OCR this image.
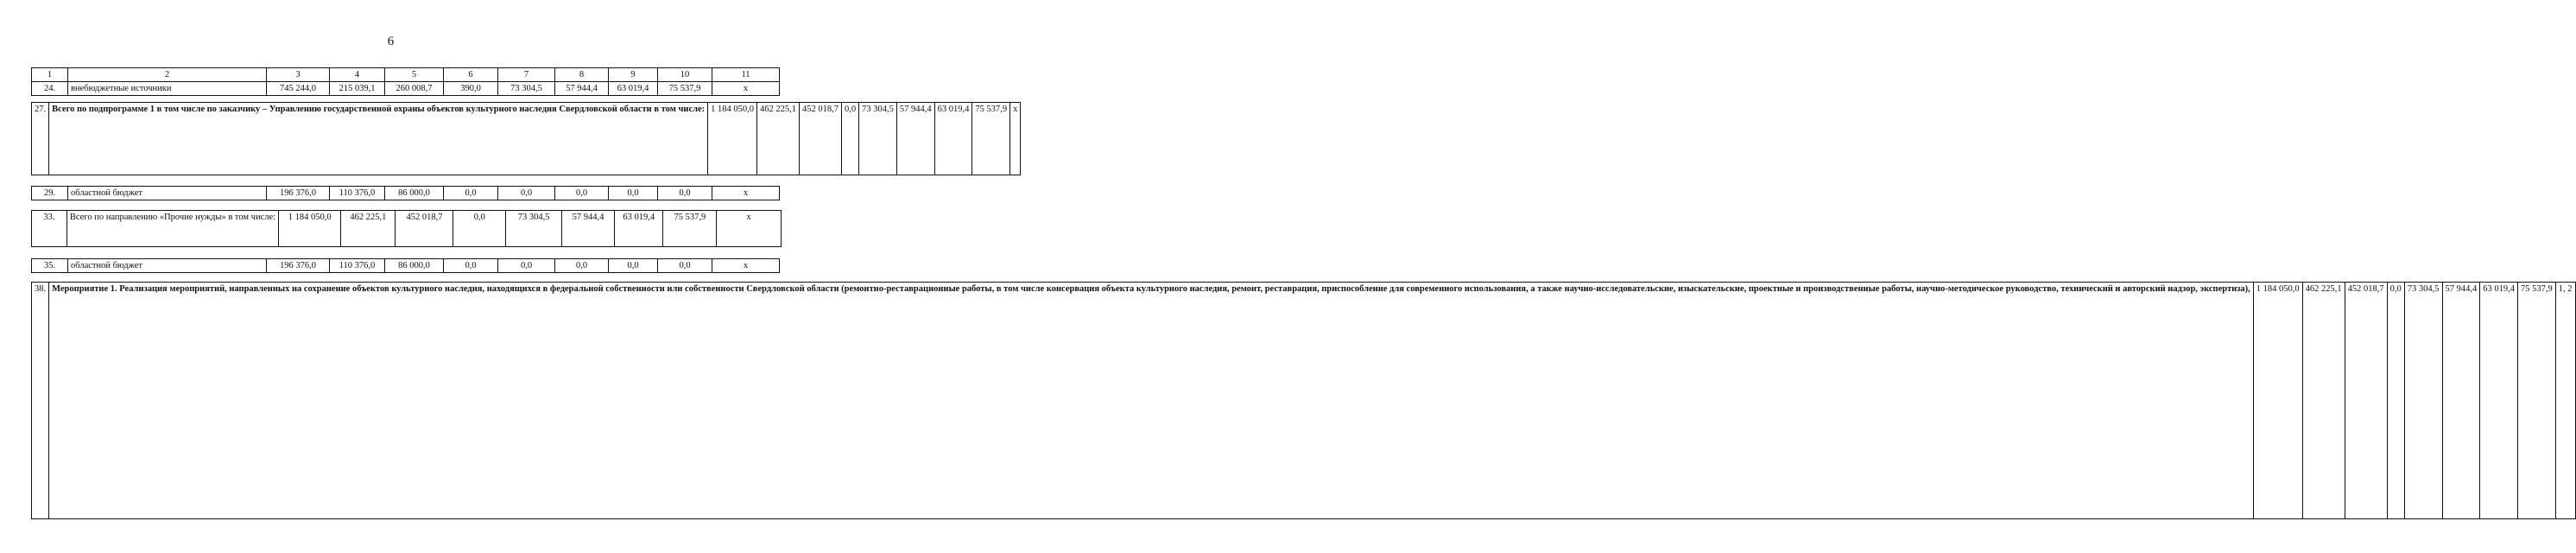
6
1	2	3	4	5	6	7	8	9	10	11
24.	внебюджетные источники	745 244,0	215 039,1	260 008,7	390,0	73 304,5	57 944,4	63 019,4	75 537,9	х
27.	Всего по подпрограмме 1 в том числе по заказчику – Управлению государственной охраны объектов культурного наследия Свердловской области в том числе:	1 184 050,0	462 225,1	452 018,7	0,0	73 304,5	57 944,4	63 019,4	75 537,9	х
29.	областной бюджет	196 376,0	110 376,0	86 000,0	0,0	0,0	0,0	0,0	0,0	х
33.	Всего по направлению «Прочие нужды» в том числе:	1 184 050,0	462 225,1	452 018,7	0,0	73 304,5	57 944,4	63 019,4	75 537,9	х
35.	областной бюджет	196 376,0	110 376,0	86 000,0	0,0	0,0	0,0	0,0	0,0	х
38.	Мероприятие 1. Реализация мероприятий, направленных на сохранение объектов культурного наследия, находящихся в федеральной собственности или собственности Свердловской области (ремонтно-реставрационные работы, в том числе консервация объекта культурного наследия, ремонт, реставрация, приспособление для современного использования, а также научно-исследовательские, изыскательские, проектные и производственные работы, научно-методическое руководство, технический и авторский надзор, экспертиза),	1 184 050,0	462 225,1	452 018,7	0,0	73 304,5	57 944,4	63 019,4	75 537,9	1, 2
